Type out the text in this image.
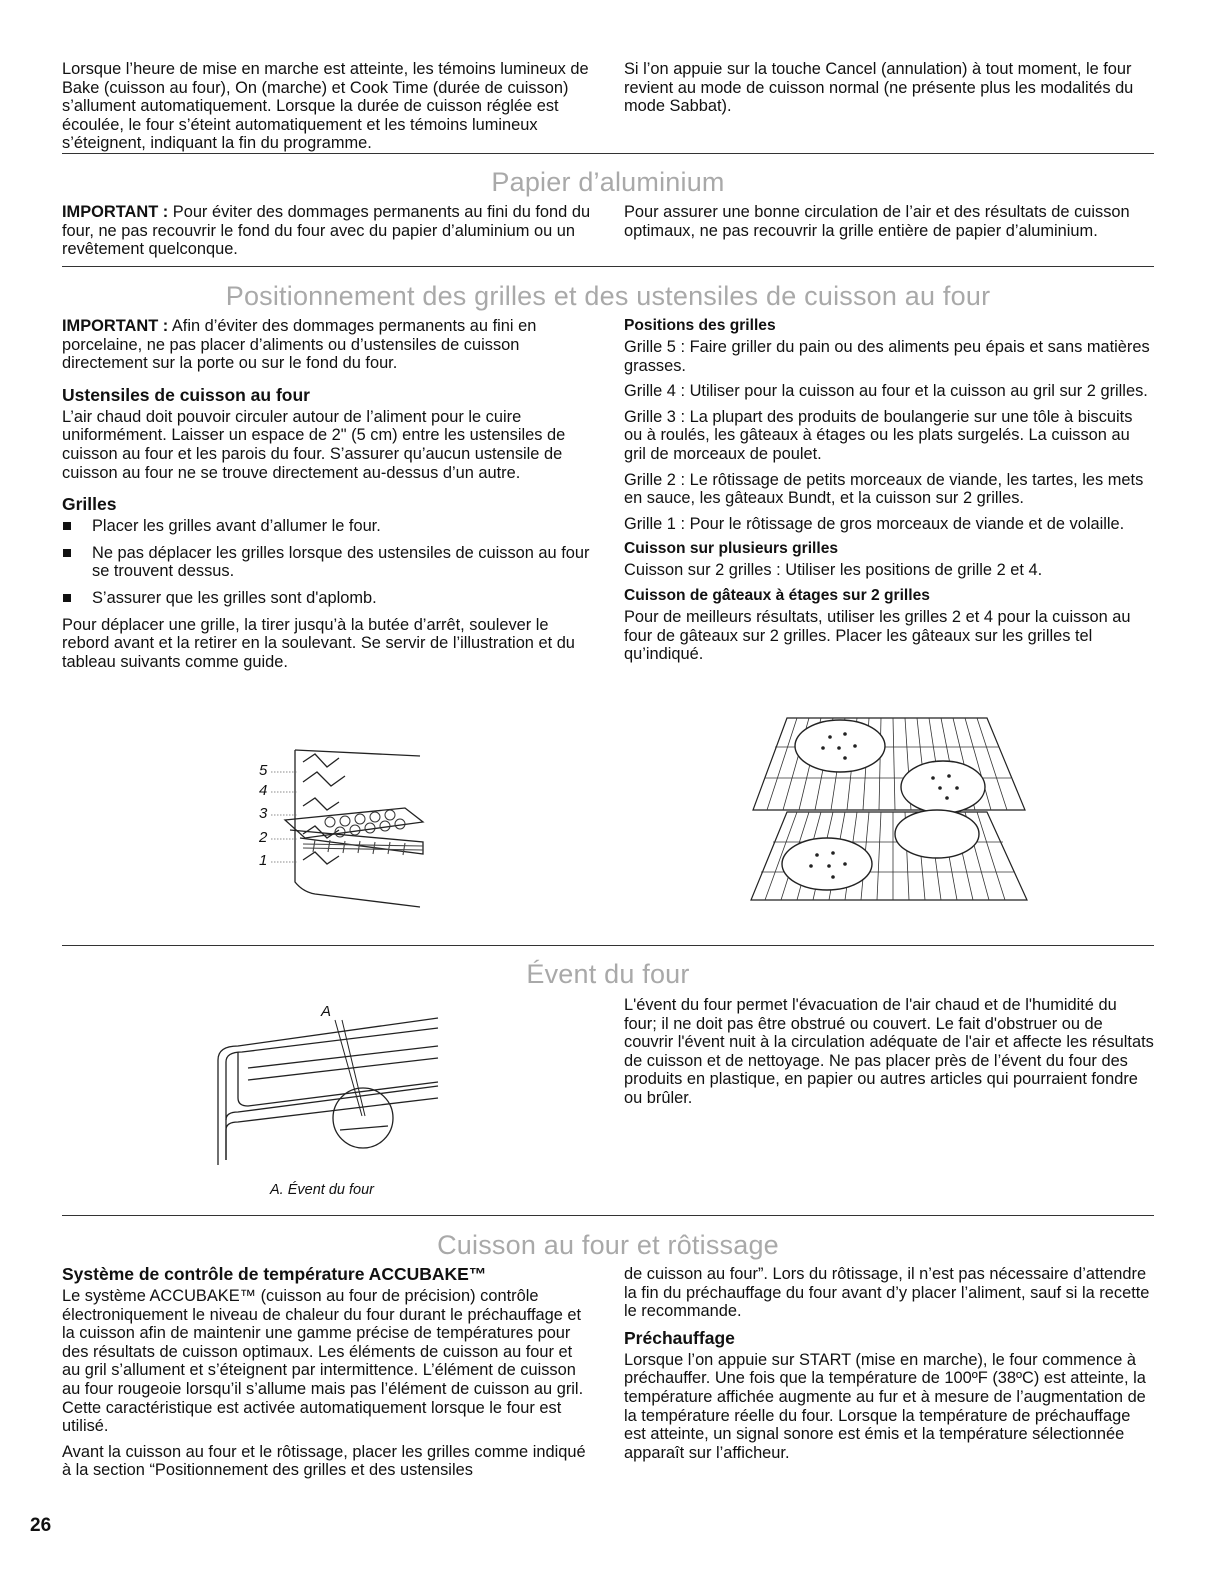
Lorsque l’heure de mise en marche est atteinte, les témoins lumineux de Bake (cuisson au four), On (marche) et Cook Time (durée de cuisson) s’allument automatiquement. Lorsque la durée de cuisson réglée est écoulée, le four s’éteint automatiquement et les témoins lumineux s’éteignent, indiquant la fin du programme.

Si l’on appuie sur la touche Cancel (annulation) à tout moment, le four revient au mode de cuisson normal (ne présente plus les modalités du mode Sabbat).

Papier d’aluminium

IMPORTANT : Pour éviter des dommages permanents au fini du fond du four, ne pas recouvrir le fond du four avec du papier d’aluminium ou un revêtement quelconque.

Pour assurer une bonne circulation de l’air et des résultats de cuisson optimaux, ne pas recouvrir la grille entière de papier d’aluminium.

Positionnement des grilles et des ustensiles de cuisson au four

IMPORTANT : Afin d’éviter des dommages permanents au fini en porcelaine, ne pas placer d’aliments ou d’ustensiles de cuisson directement sur la porte ou sur le fond du four.

Ustensiles de cuisson au four

L’air chaud doit pouvoir circuler autour de l’aliment pour le cuire uniformément. Laisser un espace de 2" (5 cm) entre les ustensiles de cuisson au four et les parois du four. S’assurer qu’aucun ustensile de cuisson au four ne se trouve directement au-dessus d’un autre.

Grilles
Placer les grilles avant d’allumer le four.
Ne pas déplacer les grilles lorsque des ustensiles de cuisson au four se trouvent dessus.
S’assurer que les grilles sont d'aplomb.

Pour déplacer une grille, la tirer jusqu’à la butée d’arrêt, soulever le rebord avant et la retirer en la soulevant. Se servir de l’illustration et du tableau suivants comme guide.

Positions des grilles

Grille 5 : Faire griller du pain ou des aliments peu épais et sans matières grasses.

Grille 4 : Utiliser pour la cuisson au four et la cuisson au gril sur 2 grilles.

Grille 3 : La plupart des produits de boulangerie sur une tôle à biscuits ou à roulés, les gâteaux à étages ou les plats surgelés. La cuisson au gril de morceaux de poulet.

Grille 2 : Le rôtissage de petits morceaux de viande, les tartes, les mets en sauce, les gâteaux Bundt, et la cuisson sur 2 grilles.

Grille 1 : Pour le rôtissage de gros morceaux de viande et de volaille.

Cuisson sur plusieurs grilles

Cuisson sur 2 grilles : Utiliser les positions de grille 2 et 4.

Cuisson de gâteaux à étages sur 2 grilles

Pour de meilleurs résultats, utiliser les grilles 2 et 4 pour la cuisson au four de gâteaux sur 2 grilles. Placer les gâteaux sur les grilles tel qu’indiqué.

5
4
3
2
1
Évent du four
A
A. Évent du four

L'évent du four permet l'évacuation de l'air chaud et de l'humidité du four; il ne doit pas être obstrué ou couvert. Le fait d'obstruer ou de couvrir l'évent nuit à la circulation adéquate de l'air et affecte les résultats de cuisson et de nettoyage. Ne pas placer près de l’évent du four des produits en plastique, en papier ou autres articles qui pourraient fondre ou brûler.

Cuisson au four et rôtissage
Système de contrôle de température ACCUBAKE™

Le système ACCUBAKE™ (cuisson au four de précision) contrôle électroniquement le niveau de chaleur du four durant le préchauffage et la cuisson afin de maintenir une gamme précise de températures pour des résultats de cuisson optimaux. Les éléments de cuisson au four et au gril s’allument et s’éteignent par intermittence. L’élément de cuisson au four rougeoie lorsqu’il s’allume mais pas l’élément de cuisson au gril. Cette caractéristique est activée automatiquement lorsque le four est utilisé.

Avant la cuisson au four et le rôtissage, placer les grilles comme indiqué à la section “Positionnement des grilles et des ustensiles

de cuisson au four”. Lors du rôtissage, il n’est pas nécessaire d’attendre la fin du préchauffage du four avant d’y placer l’aliment, sauf si la recette le recommande.

Préchauffage

Lorsque l’on appuie sur START (mise en marche), le four commence à préchauffer. Une fois que la température de 100ºF (38ºC) est atteinte, la température affichée augmente au fur et à mesure de l’augmentation de la température réelle du four. Lorsque la température de préchauffage est atteinte, un signal sonore est émis et la température sélectionnée apparaît sur l’afficheur.

26
